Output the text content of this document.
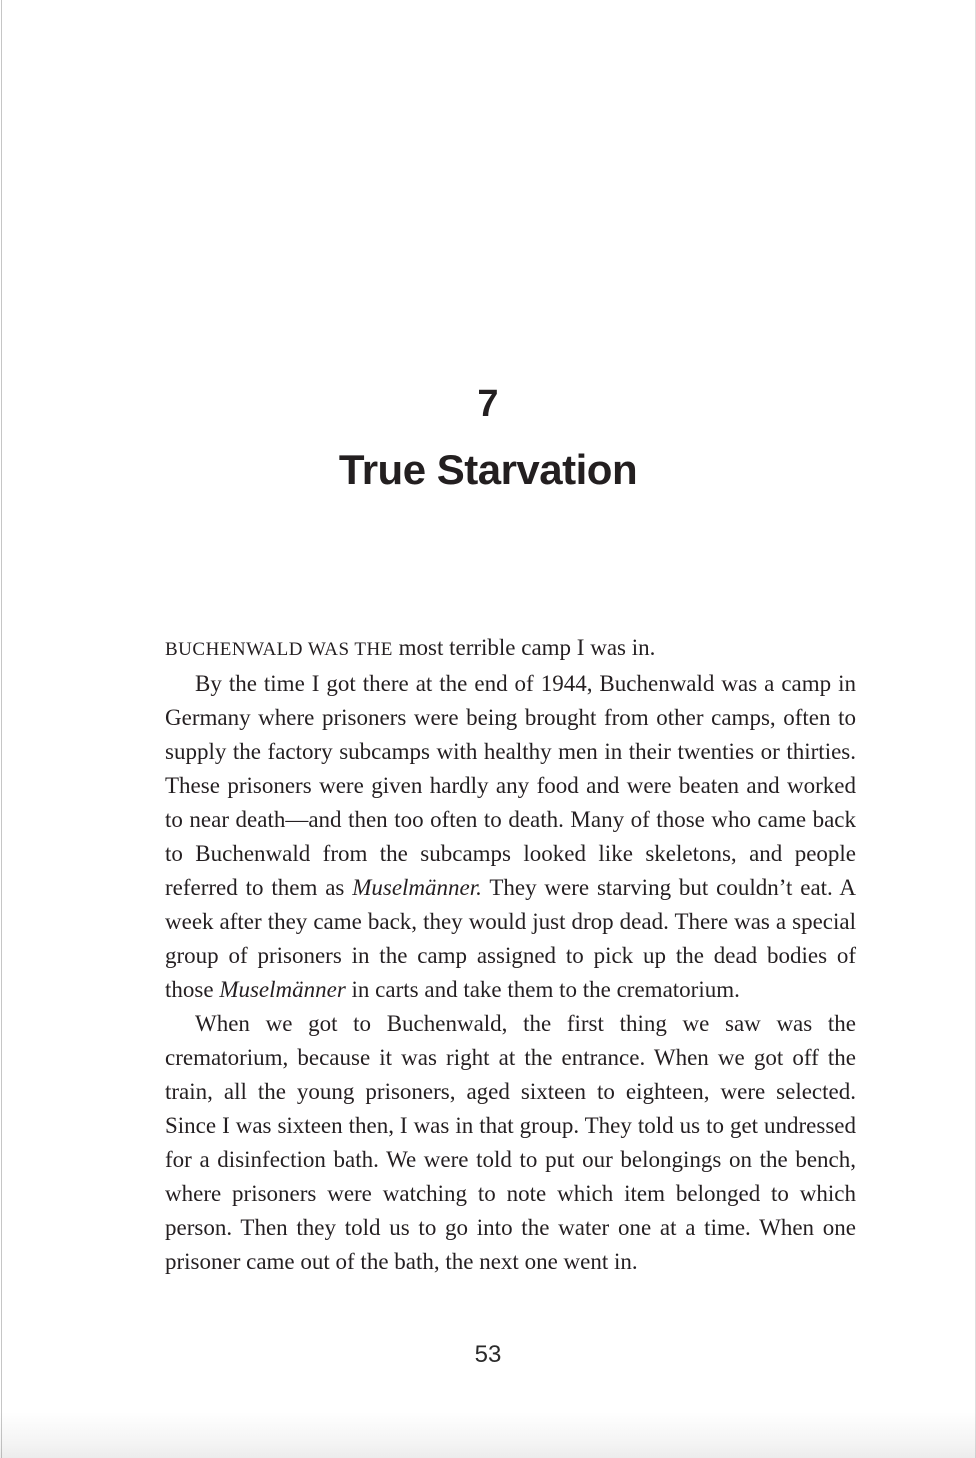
7
True Starvation

BUCHENWALD WAS THE most terrible camp I was in.

By the time I got there at the end of 1944, Buchenwald was a camp in Germany where prisoners were being brought from other camps, often to supply the factory subcamps with healthy men in their twenties or thirties. These prisoners were given hardly any food and were beaten and worked to near death—and then too often to death. Many of those who came back to Buchenwald from the subcamps looked like skeletons, and people referred to them as Muselmänner. They were starving but couldn’t eat. A week after they came back, they would just drop dead. There was a special group of prisoners in the camp assigned to pick up the dead bodies of those Muselmänner in carts and take them to the crematorium.

When we got to Buchenwald, the first thing we saw was the crematorium, because it was right at the entrance. When we got off the train, all the young prisoners, aged sixteen to eighteen, were selected. Since I was sixteen then, I was in that group. They told us to get undressed for a disinfection bath. We were told to put our belongings on the bench, where prisoners were watching to note which item belonged to which person. Then they told us to go into the water one at a time. When one prisoner came out of the bath, the next one went in.

53
